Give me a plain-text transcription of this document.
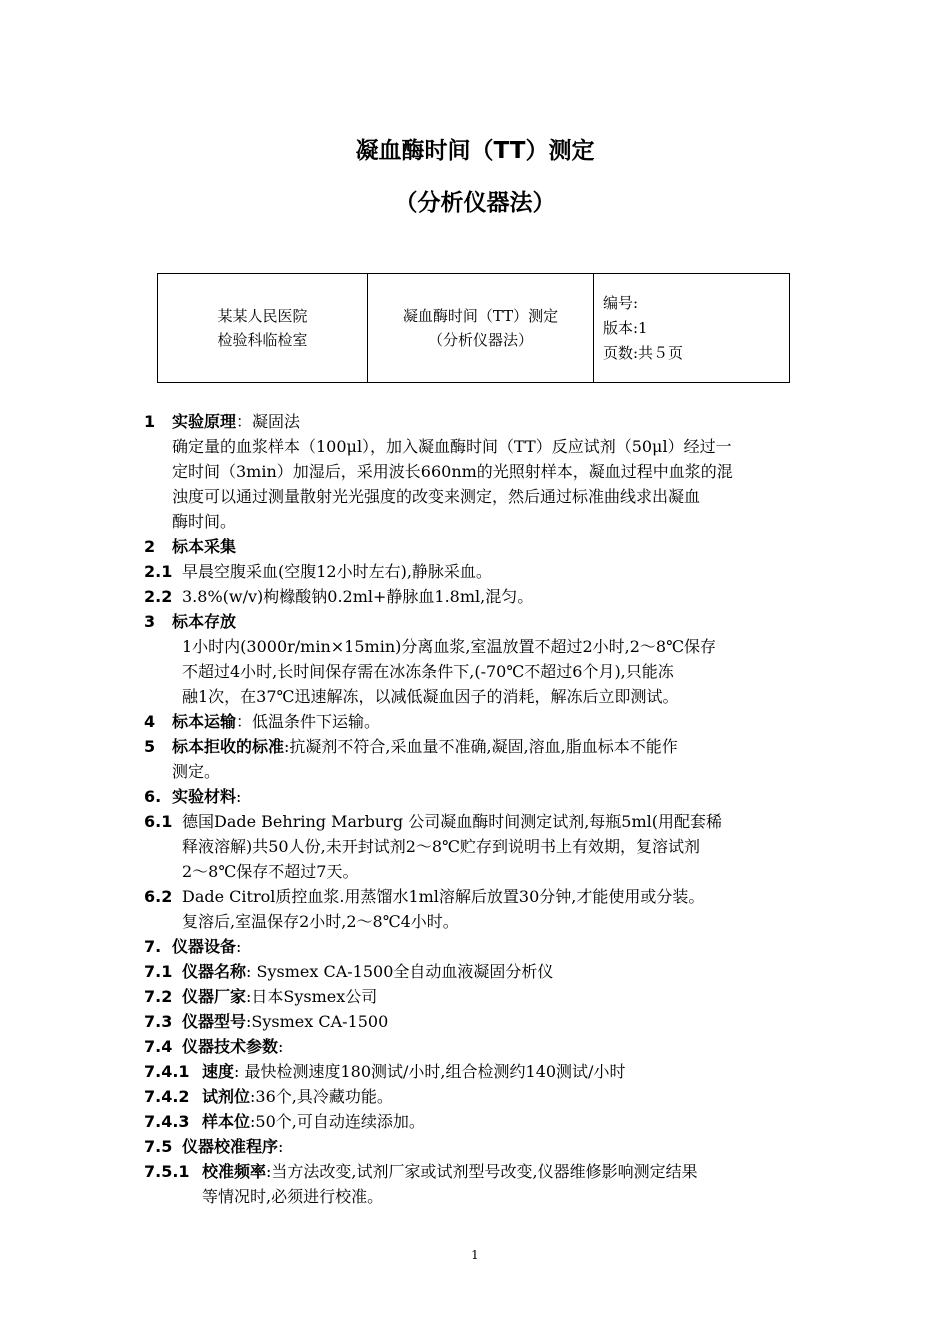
凝血酶时间（TT）测定
（分析仪器法）
某某人民医院
检验科临检室

凝血酶时间（TT）测定
（分析仪器法）

编号:
版本:1
页数:共５页
1 实验原理：凝固法
确定量的血浆样本（100μl），加入凝血酶时间（TT）反应试剂（50μl）经过一
定时间（3min）加湿后，采用波长660nm的光照射样本，凝血过程中血浆的混
浊度可以通过测量散射光光强度的改变来测定，然后通过标准曲线求出凝血
酶时间。
2 标本采集
2.1 早晨空腹采血(空腹12小时左右),静脉采血。
2.2 3.8%(w/v)枸橼酸钠0.2ml+静脉血1.8ml,混匀。
3 标本存放
1小时内(3000r/min×15min)分离血浆,室温放置不超过2小时,2～8℃保存
不超过4小时,长时间保存需在冰冻条件下,(-70℃不超过6个月),只能冻
融1次，在37℃迅速解冻，以减低凝血因子的消耗，解冻后立即测试。
4 标本运输：低温条件下运输。
5 标本拒收的标准:抗凝剂不符合,采血量不准确,凝固,溶血,脂血标本不能作
测定。
6. 实验材料:
6.1 德国Dade Behring Marburg 公司凝血酶时间测定试剂,每瓶5ml(用配套稀
释液溶解)共50人份,未开封试剂2～8℃贮存到说明书上有效期，复溶试剂
2～8℃保存不超过7天。
6.2 Dade Citrol质控血浆.用蒸馏水1ml溶解后放置30分钟,才能使用或分装。
复溶后,室温保存2小时,2～8℃4小时。
7. 仪器设备:
7.1 仪器名称: Sysmex CA-1500全自动血液凝固分析仪
7.2 仪器厂家:日本Sysmex公司
7.3 仪器型号:Sysmex CA-1500
7.4 仪器技术参数:
7.4.1 速度: 最快检测速度180测试/小时,组合检测约140测试/小时
7.4.2 试剂位:36个,具冷藏功能。
7.4.3 样本位:50个,可自动连续添加。
7.5 仪器校准程序:
7.5.1 校准频率:当方法改变,试剂厂家或试剂型号改变,仪器维修影响测定结果
等情况时,必须进行校准。
1
